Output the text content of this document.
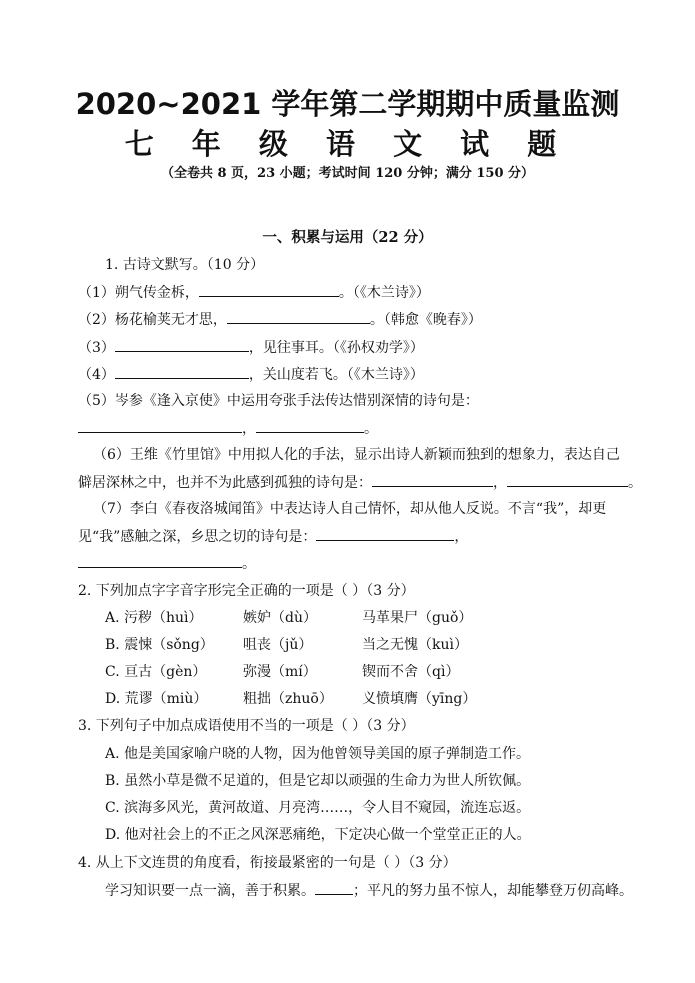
2020~2021 学年第二学期期中质量监测
七 年 级 语 文 试 题
（全卷共 8 页，23 小题；考试时间 120 分钟；满分 150 分）
一、积累与运用（22 分）
1. 古诗文默写。（10 分）
（1）朔气传金柝，	。（《木兰诗》）
（2）杨花榆荚无才思，	。（韩愈《晚春》）
（3）	，见往事耳。（《孙权劝学》）
（4）	，关山度若飞。（《木兰诗》）
（5）岑参《逢入京使》中运用夸张手法传达惜别深情的诗句是：
，	。
（6）王维《竹里馆》中用拟人化的手法，显示出诗人新颖而独到的想象力，表达自己
僻居深林之中，也并不为此感到孤独的诗句是：	，	。
（7）李白《春夜洛城闻笛》中表达诗人自己情怀，却从他人反说。不言“我”，却更
见“我”感触之深，乡思之切的诗句是：	，
。
2. 下列加点字字音字形完全正确的一项是（ ）（3 分）
A. 污秽（huì）	嫉妒（dù）	马革果尸（guǒ）
B. 震悚（sǒng） 咀丧（jǔ）	当之无愧（kuì）
C. 亘古（gèn）	弥漫（mí）	锲而不舍（qì）
D. 荒谬（miù）	粗拙（zhuō） 义愤填膺（yīng）
3. 下列句子中加点成语使用不当的一项是（ ）（3 分）
A. 他是美国家喻户晓的人物，因为他曾领导美国的原子弹制造工作。
B. 虽然小草是微不足道的，但是它却以顽强的生命力为世人所钦佩。
C. 滨海多风光，黄河故道、月亮湾……，令人目不窥园，流连忘返。
D. 他对社会上的不正之风深恶痛绝，下定决心做一个堂堂正正的人。
4. 从上下文连贯的角度看，衔接最紧密的一句是（ ）（3 分）
学习知识要一点一滴，善于积累。	；平凡的努力虽不惊人，却能攀登万仞高峰。
